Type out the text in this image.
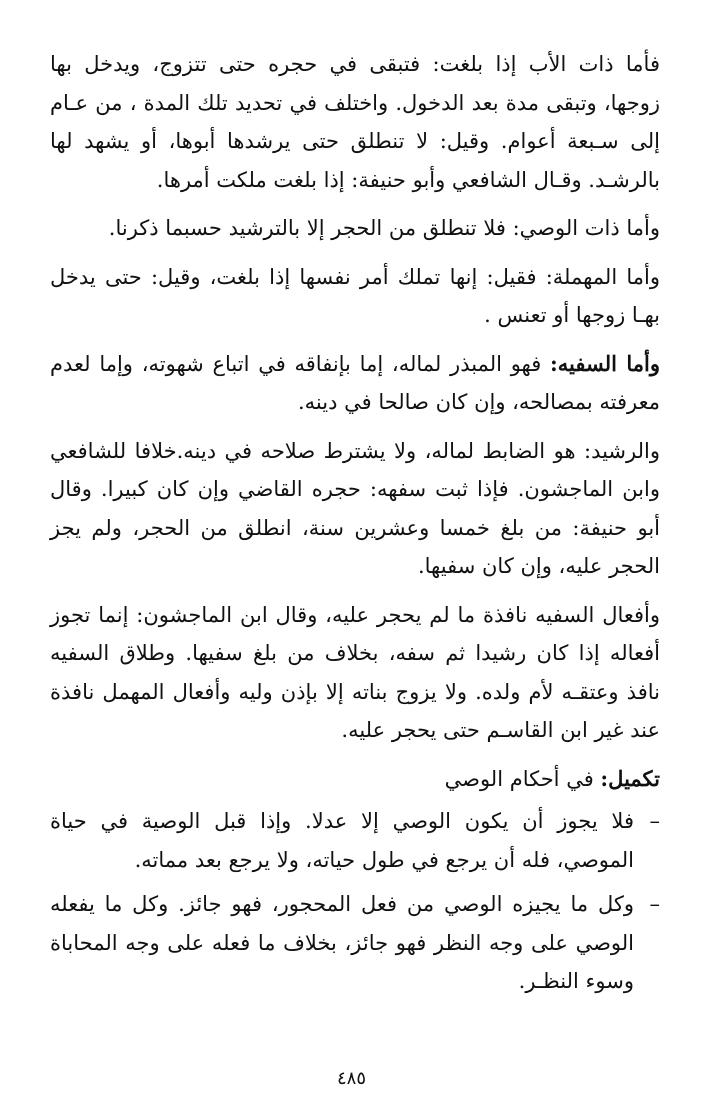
فأما ذات الأب إذا بلغت: فتبقى في حجره حتى تتزوج، ويدخل بها زوجها، وتبقى مدة بعد الدخول. واختلف في تحديد تلك المدة ، من عـام إلى سـبعة أعوام. وقيل: لا تنطلق حتى يرشدها أبوها، أو يشهد لها بالرشـد. وقـال الشافعي وأبو حنيفة: إذا بلغت ملكت أمرها.

وأما ذات الوصي: فلا تنطلق من الحجر إلا بالترشيد حسبما ذكرنا.

وأما المهملة: فقيل: إنها تملك أمر نفسها إذا بلغت، وقيل: حتى يدخل بهـا زوجها أو تعنس .

وأما السفيه: فهو المبذر لماله، إما بإنفاقه في اتباع شهوته، وإما لعدم معرفته بمصالحه، وإن كان صالحا في دينه.

والرشيد: هو الضابط لماله، ولا يشترط صلاحه في دينه.خلافا للشافعي وابن الماجشون. فإذا ثبت سفهه: حجره القاضي وإن كان كبيرا. وقال أبو حنيفة: من بلغ خمسا وعشرين سنة، انطلق من الحجر، ولم يجز الحجر عليه، وإن كان سفيها.

وأفعال السفيه نافذة ما لم يحجر عليه، وقال ابن الماجشون: إنما تجوز أفعاله إذا كان رشيدا ثم سفه، بخلاف من بلغ سفيها. وطلاق السفيه نافذ وعتقـه لأم ولده. ولا يزوج بناته إلا بإذن وليه وأفعال المهمل نافذة عند غير ابن القاسـم حتى يحجر عليه.

تكميل: في أحكام الوصي

–
فلا يجوز أن يكون الوصي إلا عدلا. وإذا قبل الوصية في حياة الموصي، فله أن يرجع في طول حياته، ولا يرجع بعد مماته.
–
وكل ما يجيزه الوصي من فعل المحجور، فهو جائز. وكل ما يفعله الوصي على وجه النظر فهو جائز، بخلاف ما فعله على وجه المحاباة وسوء النظـر.
٤٨٥
